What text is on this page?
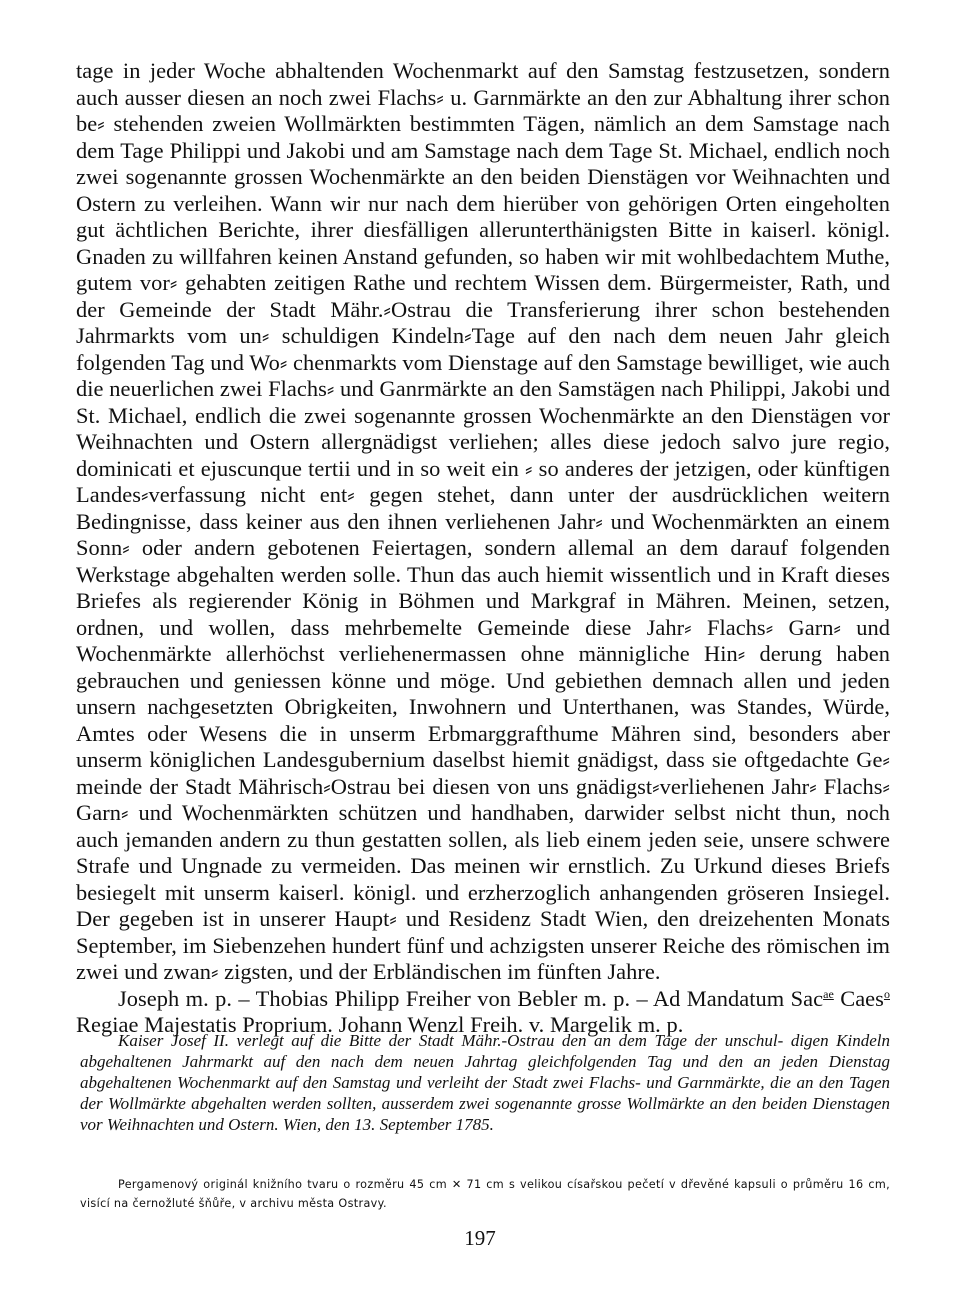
tage in jeder Woche abhaltenden Wochenmarkt auf den Samstag festzusetzen, sondern auch ausser diesen an noch zwei Flachs⸗ u. Garnmärkte an den zur Abhaltung ihrer schon be⸗ stehenden zweien Wollmärkten bestimmten Tägen, nämlich an dem Samstage nach dem Tage Philippi und Jakobi und am Samstage nach dem Tage St. Michael, endlich noch zwei sogenannte grossen Wochenmärkte an den beiden Dienstägen vor Weihnachten und Ostern zu verleihen. Wann wir nur nach dem hierüber von gehörigen Orten eingeholten gut ächtlichen Berichte, ihrer diesfälligen allerunterthänigsten Bitte in kaiserl. königl. Gnaden zu willfahren keinen Anstand gefunden, so haben wir mit wohlbedachtem Muthe, gutem vor⸗ gehabten zeitigen Rathe und rechtem Wissen dem. Bürgermeister, Rath, und der Gemeinde der Stadt Mähr.⸗Ostrau die Transferierung ihrer schon bestehenden Jahrmarkts vom un⸗ schuldigen Kindeln⸗Tage auf den nach dem neuen Jahr gleich folgenden Tag und Wo⸗ chenmarkts vom Dienstage auf den Samstage bewilliget, wie auch die neuerlichen zwei Flachs⸗ und Ganrmärkte an den Samstägen nach Philippi, Jakobi und St. Michael, endlich die zwei sogenannte grossen Wochenmärkte an den Dienstägen vor Weihnachten und Ostern allergnädigst verliehen; alles diese jedoch salvo jure regio, dominicati et ejuscunque tertii und in so weit ein ⸗ so anderes der jetzigen, oder künftigen Landes⸗verfassung nicht ent⸗ gegen stehet, dann unter der ausdrücklichen weitern Bedingnisse, dass keiner aus den ihnen verliehenen Jahr⸗ und Wochenmärkten an einem Sonn⸗ oder andern gebotenen Feiertagen, sondern allemal an dem darauf folgenden Werkstage abgehalten werden solle. Thun das auch hiemit wissentlich und in Kraft dieses Briefes als regierender König in Böhmen und Markgraf in Mähren. Meinen, setzen, ordnen, und wollen, dass mehrbemelte Gemeinde diese Jahr⸗ Flachs⸗ Garn⸗ und Wochenmärkte allerhöchst verliehenermassen ohne männigliche Hin⸗ derung haben gebrauchen und geniessen könne und möge. Und gebiethen demnach allen und jeden unsern nachgesetzten Obrigkeiten, Inwohnern und Unterthanen, was Standes, Würde, Amtes oder Wesens die in unserm Erbmarggrafthume Mähren sind, besonders aber unserm königlichen Landesgubernium daselbst hiemit gnädigst, dass sie oftgedachte Ge⸗ meinde der Stadt Mährisch⸗Ostrau bei diesen von uns gnädigst⸗verliehenen Jahr⸗ Flachs⸗ Garn⸗ und Wochenmärkten schützen und handhaben, darwider selbst nicht thun, noch auch jemanden andern zu thun gestatten sollen, als lieb einem jeden seie, unsere schwere Strafe und Ungnade zu vermeiden. Das meinen wir ernstlich. Zu Urkund dieses Briefs besiegelt mit unserm kaiserl. königl. und erzherzoglich anhangenden gröseren Insiegel. Der gegeben ist in unserer Haupt⸗ und Residenz Stadt Wien, den dreizehenten Monats September, im Siebenzehen hundert fünf und achzigsten unserer Reiche des römischen im zwei und zwan⸗ zigsten, und der Erbländischen im fünften Jahre.

Joseph m. p. – Thobias Philipp Freiher von Bebler m. p. – Ad Mandatum Sac$^{ae}$ Caes$^o$ Regiae Majestatis Proprium. Johann Wenzl Freih. v. Margelik m. p.

Kaiser Josef II. verlegt auf die Bitte der Stadt Mähr.-Ostrau den an dem Tage der unschul- digen Kindeln abgehaltenen Jahrmarkt auf den nach dem neuen Jahrtag gleichfolgenden Tag und den an jeden Dienstag abgehaltenen Wochenmarkt auf den Samstag und verleiht der Stadt zwei Flachs- und Garnmärkte, die an den Tagen der Wollmärkte abgehalten werden sollten, ausserdem zwei sogenannte grosse Wollmärkte an den beiden Dienstagen vor Weihnachten und Ostern. Wien, den 13. September 1785.

Pergamenový originál knižního tvaru o rozměru 45 cm ✕ 71 cm s velikou císařskou pečetí v dřevěné kapsuli o průměru 16 cm, visící na černožluté šňůře, v archivu města Ostravy.

197
